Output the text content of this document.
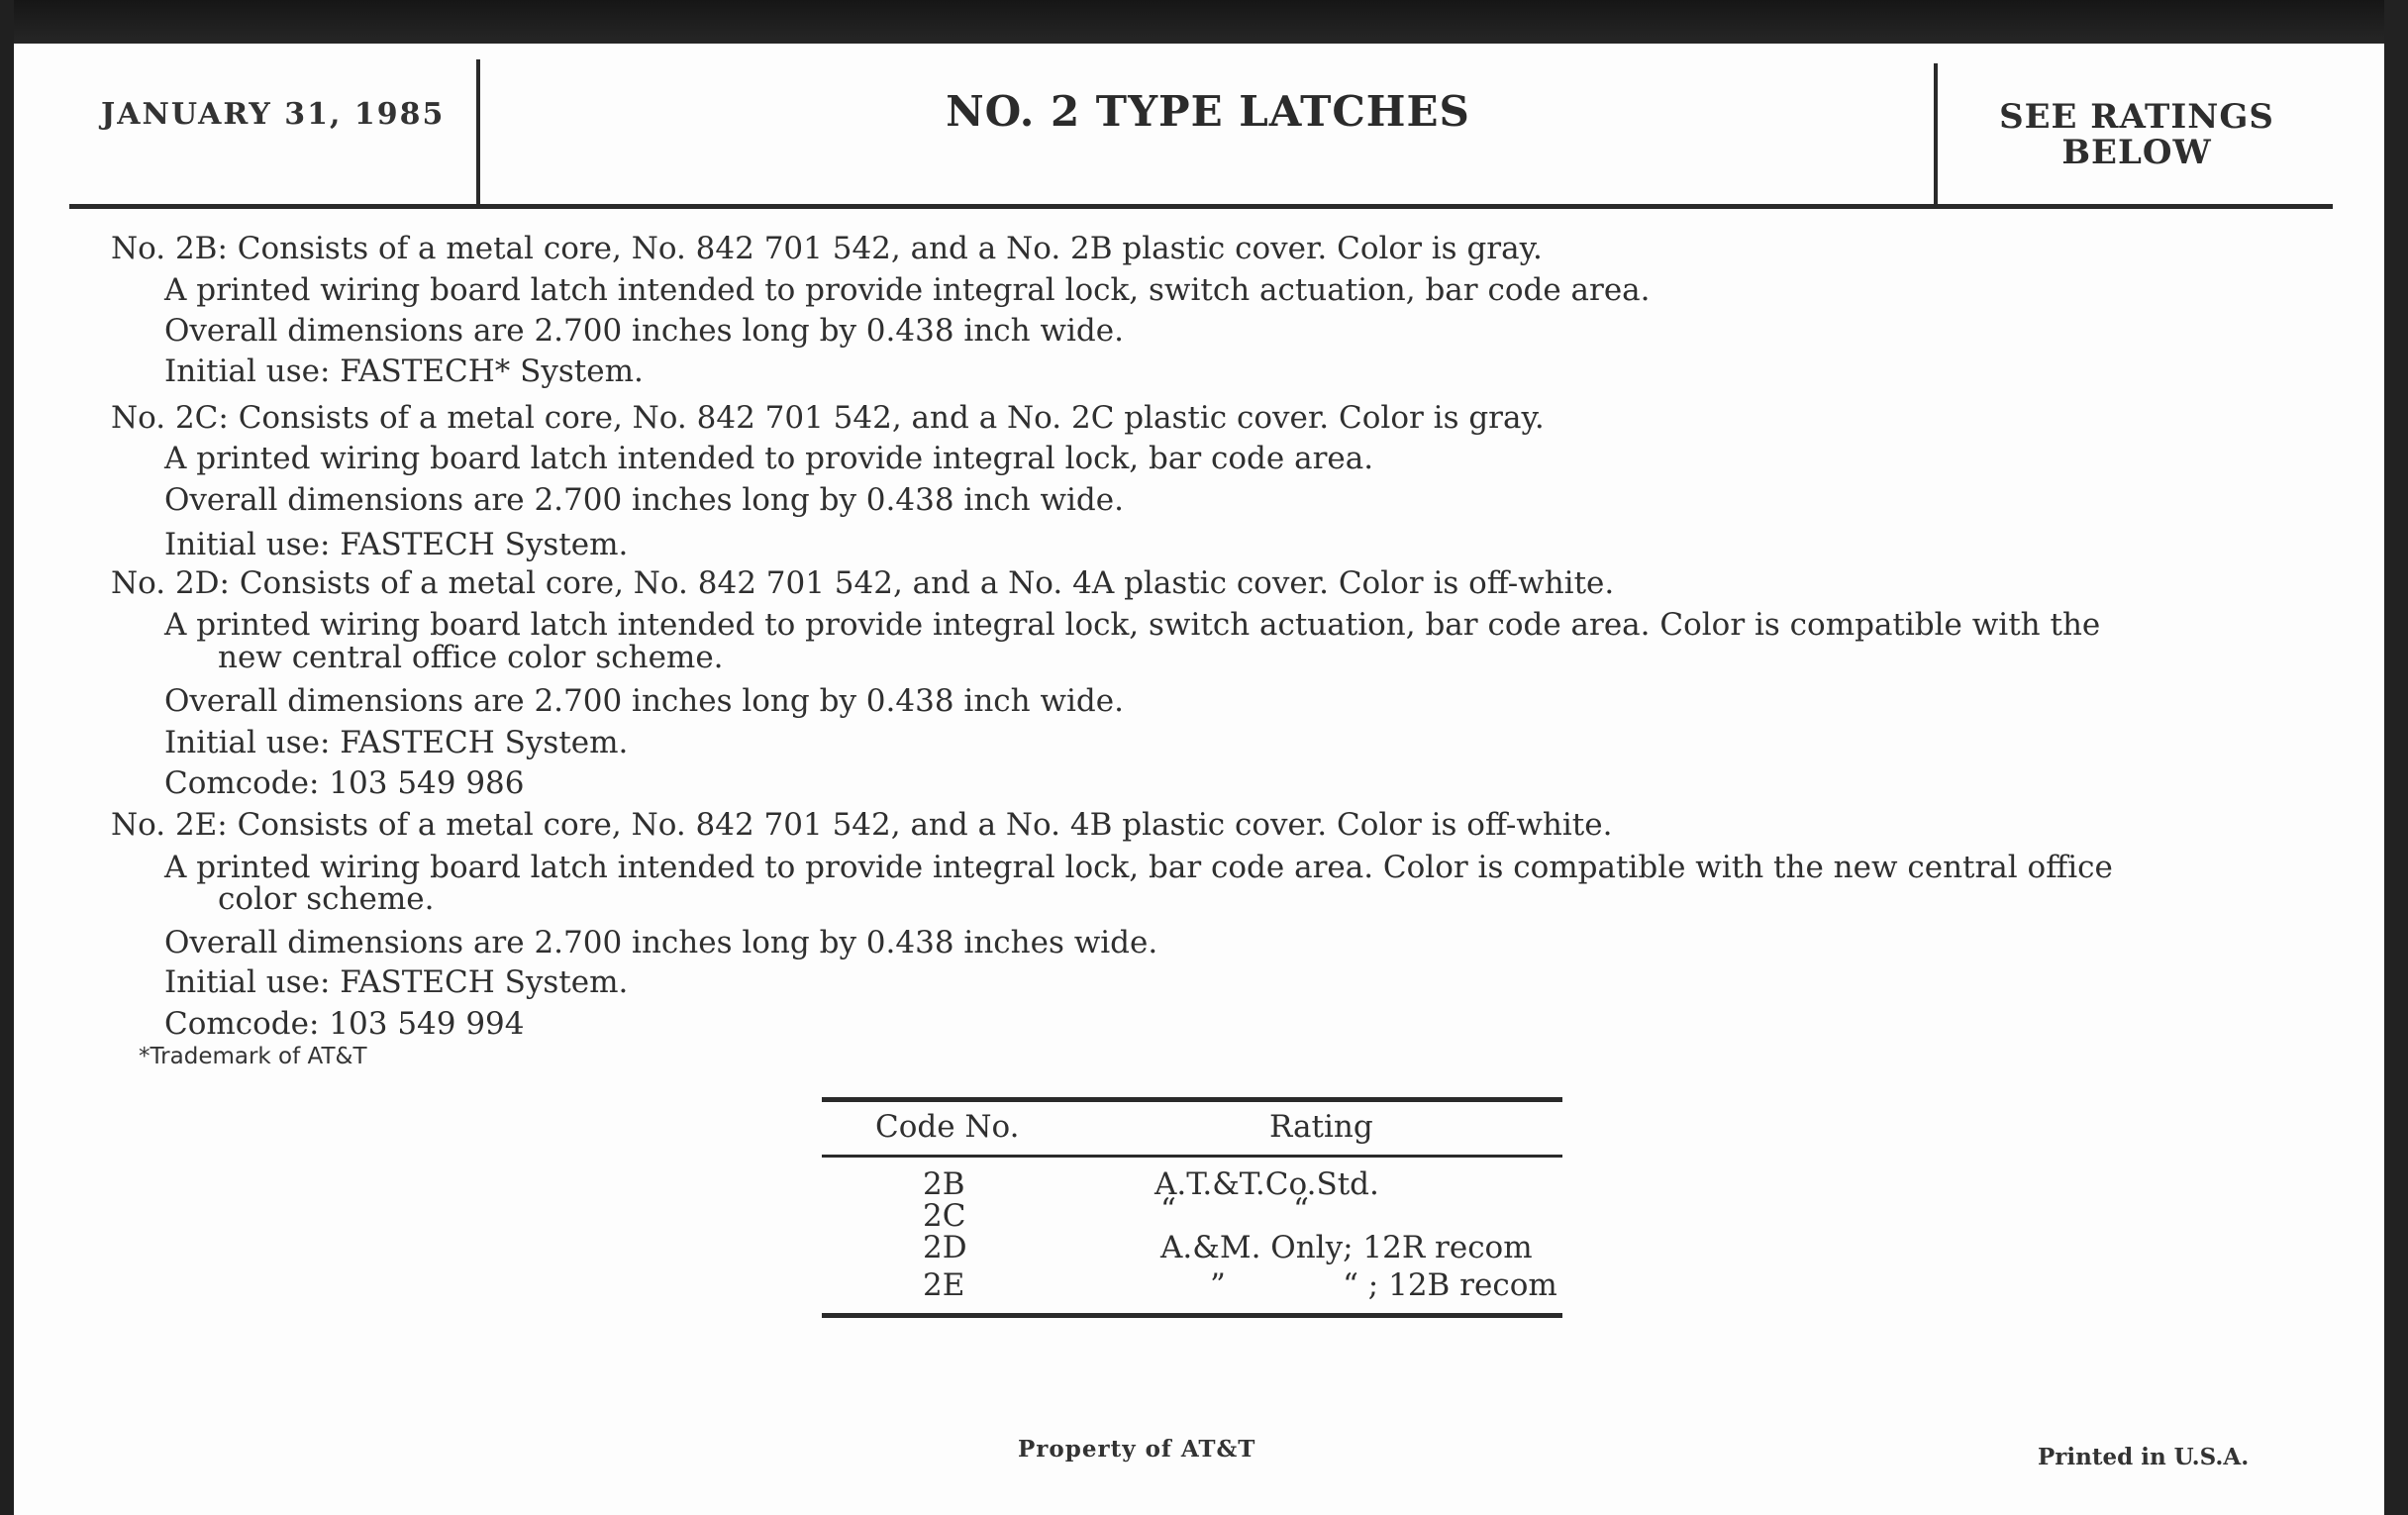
JANUARY 31, 1985	NO. 2 TYPE LATCHES	SEE RATINGS
BELOW
No. 2B: Consists of a metal core, No. 842 701 542, and a No. 2B plastic cover. Color is gray.
A printed wiring board latch intended to provide integral lock, switch actuation, bar code area.
Overall dimensions are 2.700 inches long by 0.438 inch wide.
Initial use: FASTECH* System.
No. 2C: Consists of a metal core, No. 842 701 542, and a No. 2C plastic cover. Color is gray.
A printed wiring board latch intended to provide integral lock, bar code area.
Overall dimensions are 2.700 inches long by 0.438 inch wide.
Initial use: FASTECH System.
No. 2D: Consists of a metal core, No. 842 701 542, and a No. 4A plastic cover. Color is off-white.
A printed wiring board latch intended to provide integral lock, switch actuation, bar code area. Color is compatible with the
new central office color scheme.
Overall dimensions are 2.700 inches long by 0.438 inch wide.
Initial use: FASTECH System.
Comcode: 103 549 986
No. 2E: Consists of a metal core, No. 842 701 542, and a No. 4B plastic cover. Color is off-white.
A printed wiring board latch intended to provide integral lock, bar code area. Color is compatible with the new central office
color scheme.
Overall dimensions are 2.700 inches long by 0.438 inches wide.
Initial use: FASTECH System.
Comcode: 103 549 994
*Trademark of AT&T
Code No.	Rating
2B	A.T.&T.Co.Std.
2C	“            “
2D	A.&M. Only; 12R recom
2E	”            “ ; 12B recom
Property of AT&T	Printed in U.S.A.
